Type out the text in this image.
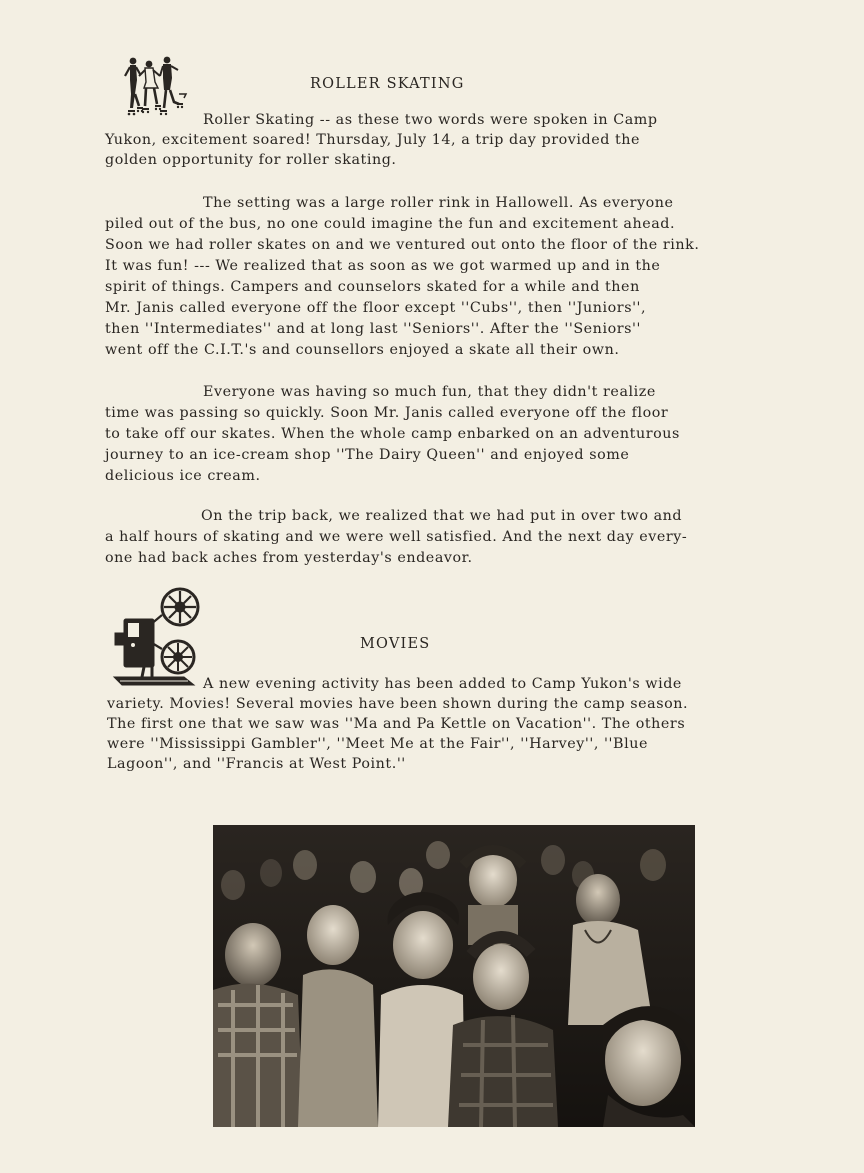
ROLLER SKATING
Roller Skating -- as these two words were spoken in Camp
Yukon, excitement soared! Thursday, July 14, a trip day provided the
golden opportunity for roller skating.
The setting was a large roller rink in Hallowell. As everyone
piled out of the bus, no one could imagine the fun and excitement ahead.
Soon we had roller skates on and we ventured out onto the floor of the rink.
It was fun! --- We realized that as soon as we got warmed up and in the
spirit of things. Campers and counselors skated for a while and then
Mr. Janis called everyone off the floor except ''Cubs'', then ''Juniors'',
then ''Intermediates'' and at long last ''Seniors''. After the ''Seniors''
went off the C.I.T.'s and counsellors enjoyed a skate all their own.
Everyone was having so much fun, that they didn't realize
time was passing so quickly. Soon Mr. Janis called everyone off the floor
to take off our skates. When the whole camp enbarked on an adventurous
journey to an ice-cream shop ''The Dairy Queen'' and enjoyed some
delicious ice cream.
On the trip back, we realized that we had put in over two and
a half hours of skating and we were well satisfied. And the next day every-
one had back aches from yesterday's endeavor.
MOVIES
A new evening activity has been added to Camp Yukon's wide
variety. Movies! Several movies have been shown during the camp season.
The first one that we saw was ''Ma and Pa Kettle on Vacation''. The others
were ''Mississippi Gambler'', ''Meet Me at the Fair'', ''Harvey'', ''Blue
Lagoon'', and ''Francis at West Point.''
